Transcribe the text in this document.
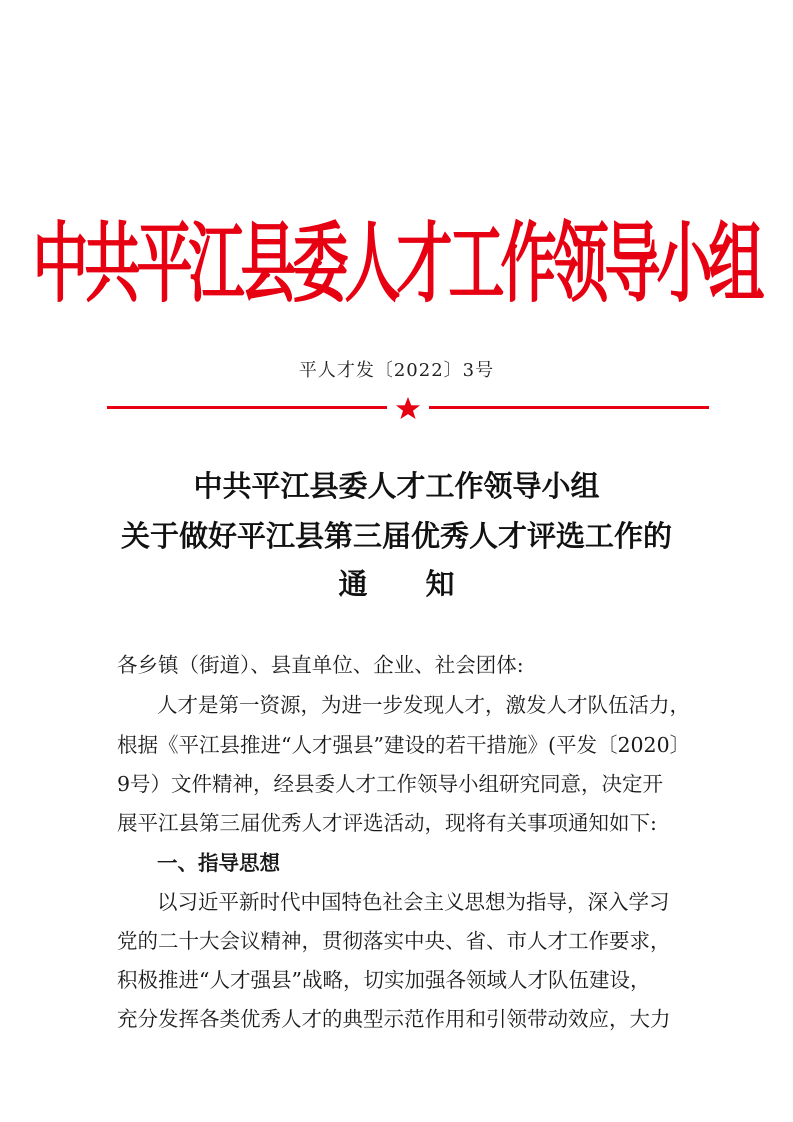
中共平江县委人才工作领导小组
平人才发〔2022〕3号
中共平江县委人才工作领导小组
关于做好平江县第三届优秀人才评选工作的
通 知
各乡镇（街道）、县直单位、企业、社会团体:
人才是第一资源，为进一步发现人才，激发人才队伍活力，
根据《平江县推进“人才强县”建设的若干措施》(平发〔2020〕
9号）文件精神，经县委人才工作领导小组研究同意，决定开
展平江县第三届优秀人才评选活动，现将有关事项通知如下:
一、指导思想
以习近平新时代中国特色社会主义思想为指导，深入学习
党的二十大会议精神，贯彻落实中央、省、市人才工作要求，
积极推进“人才强县”战略，切实加强各领域人才队伍建设，
充分发挥各类优秀人才的典型示范作用和引领带动效应，大力
